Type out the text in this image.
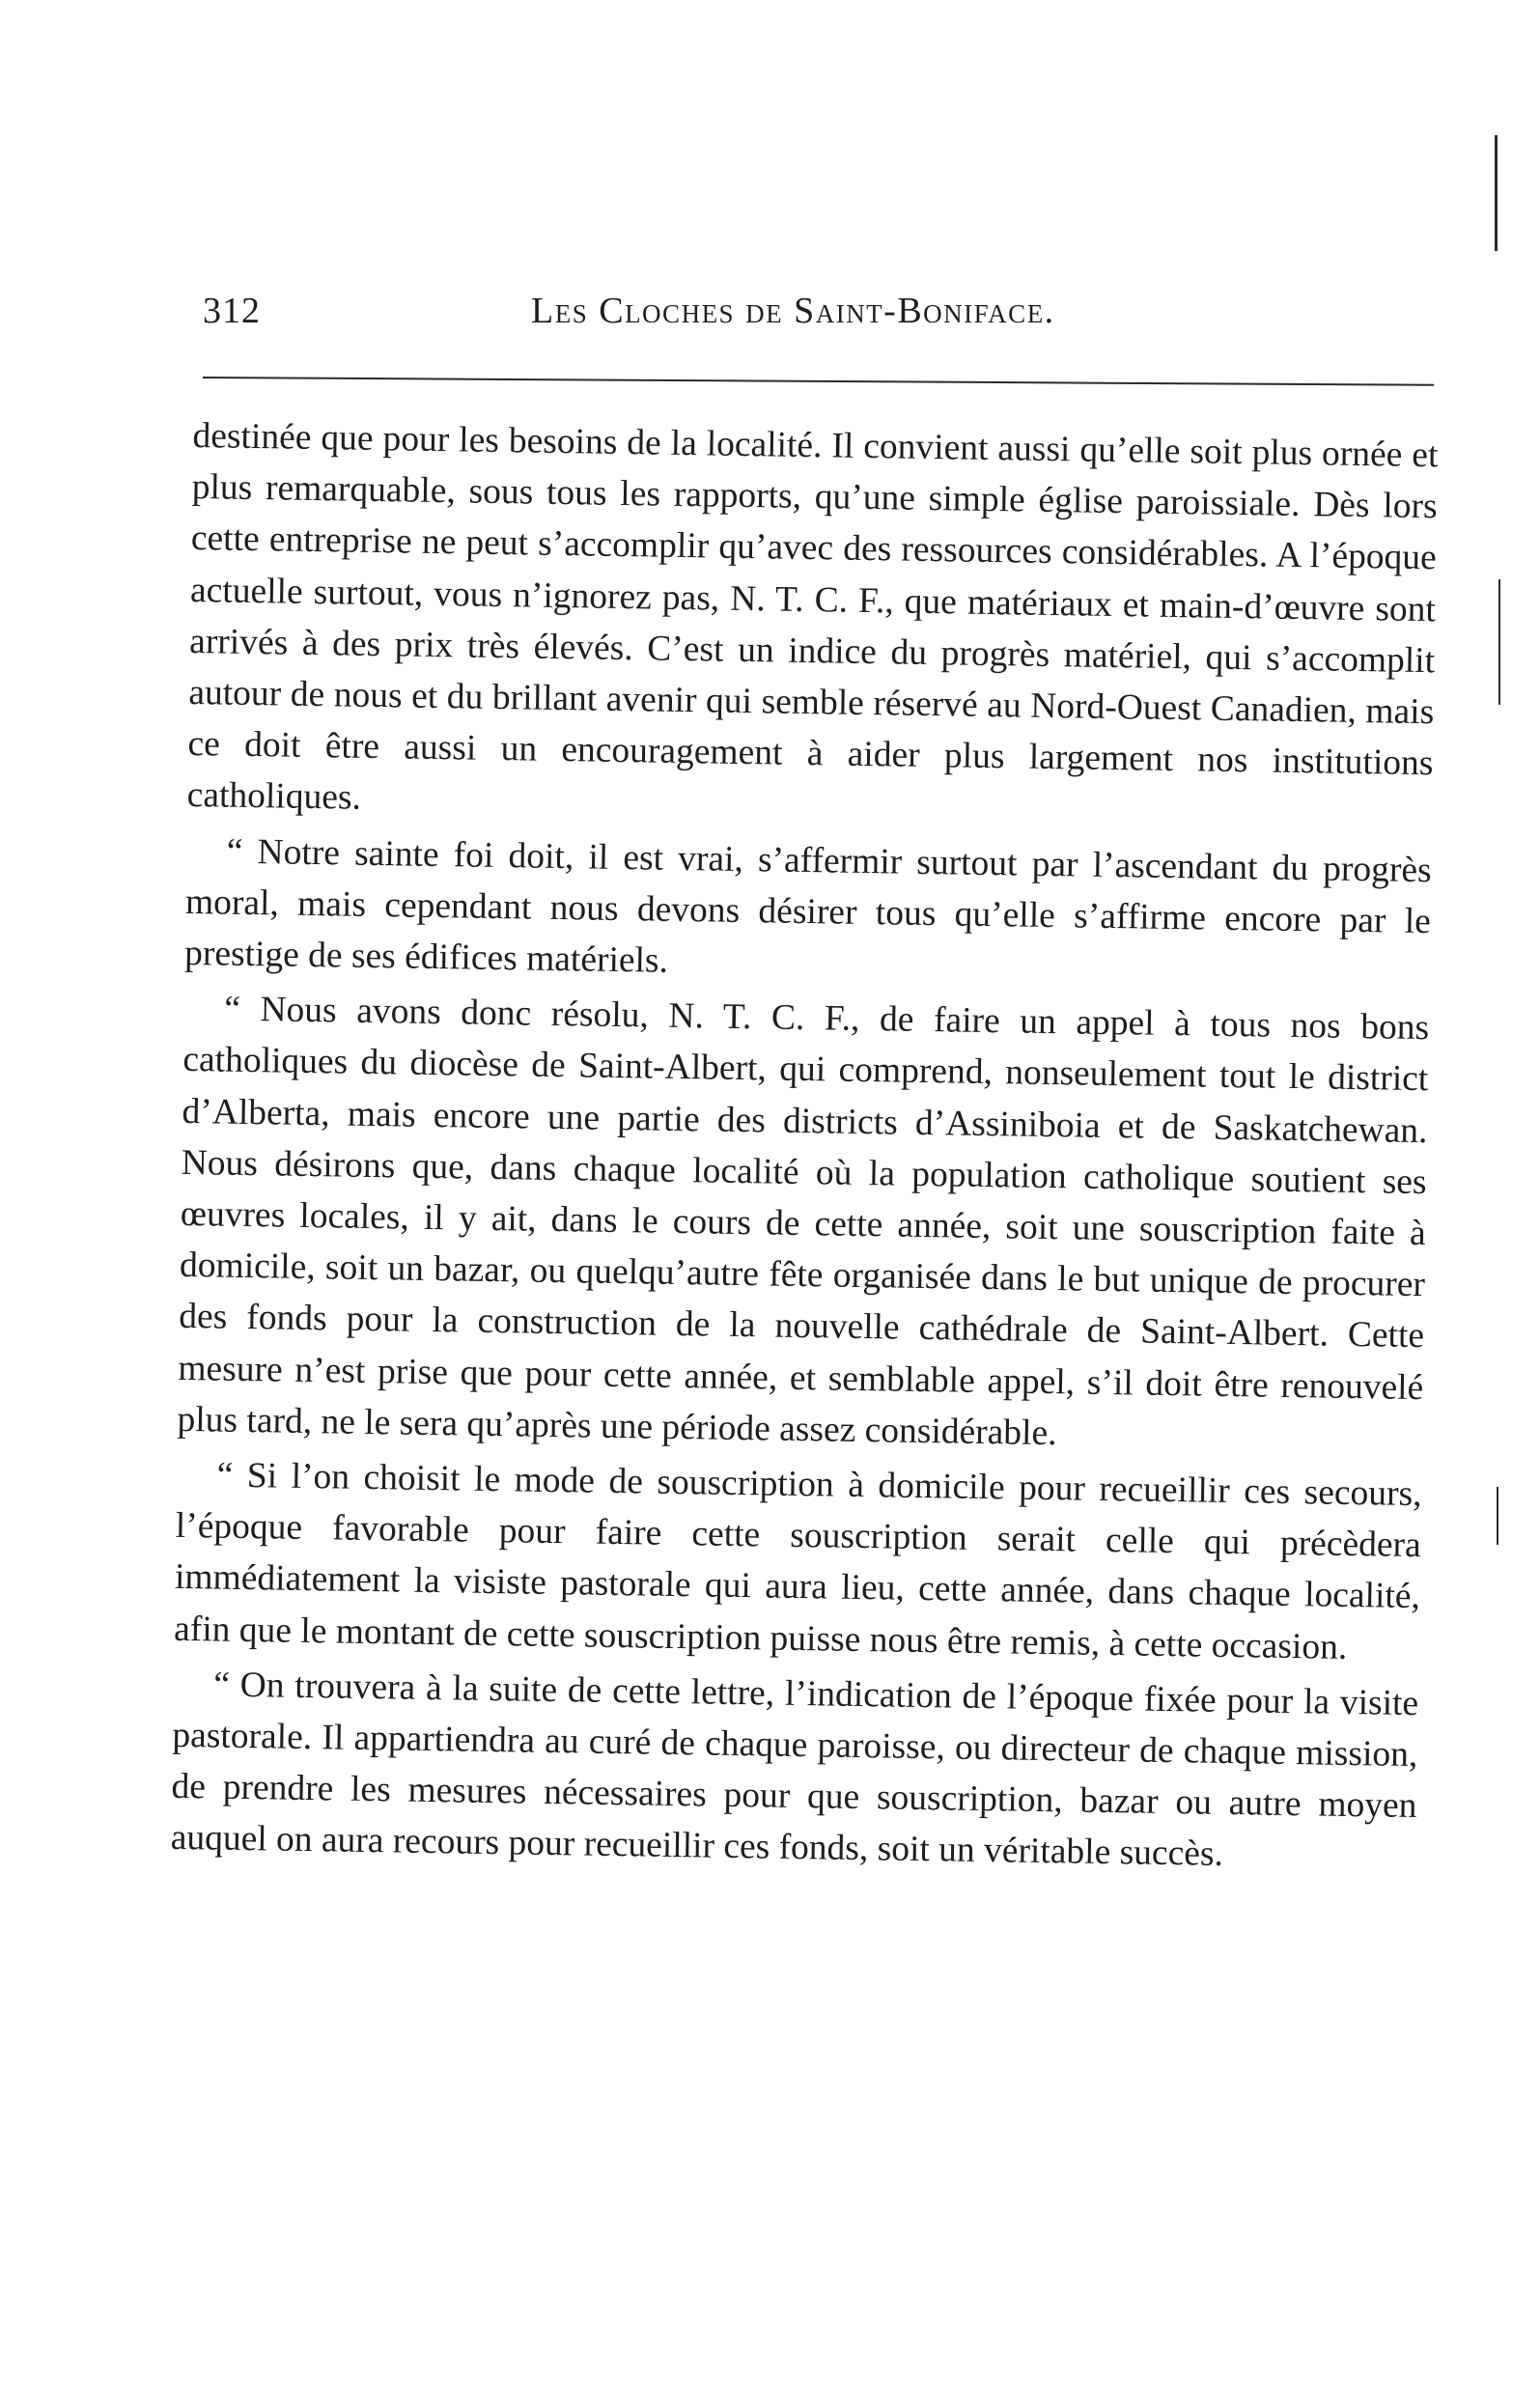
312	Les Cloches de Saint-Boniface.

destinée que pour les besoins de la localité. Il convient aussi qu’elle soit plus ornée et plus remarquable, sous tous les rapports, qu’une simple église paroissiale. Dès lors cette entreprise ne peut s’accomplir qu’avec des ressources considérables. A l’époque actuelle surtout, vous n’ignorez pas, N. T. C. F., que matériaux et main-d’œuvre sont arrivés à des prix très élevés. C’est un indice du progrès matériel, qui s’accomplit autour de nous et du brillant avenir qui semble réservé au Nord-Ouest Canadien, mais ce doit être aussi un encouragement à aider plus largement nos institutions catholiques.

“ Notre sainte foi doit, il est vrai, s’affermir surtout par l’ascendant du progrès moral, mais cependant nous devons désirer tous qu’elle s’affirme encore par le prestige de ses édifices matériels.

“ Nous avons donc résolu, N. T. C. F., de faire un appel à tous nos bons catholiques du diocèse de Saint-Albert, qui comprend, nonseulement tout le district d’Alberta, mais encore une partie des districts d’Assiniboia et de Saskatchewan. Nous désirons que, dans chaque localité où la population catholique soutient ses œuvres locales, il y ait, dans le cours de cette année, soit une souscription faite à domicile, soit un bazar, ou quelqu’autre fête organisée dans le but unique de procurer des fonds pour la construction de la nouvelle cathédrale de Saint-Albert. Cette mesure n’est prise que pour cette année, et semblable appel, s’il doit être renouvelé plus tard, ne le sera qu’après une période assez considérable.

“ Si l’on choisit le mode de souscription à domicile pour recueillir ces secours, l’époque favorable pour faire cette souscription serait celle qui précèdera immédiatement la visiste pastorale qui aura lieu, cette année, dans chaque localité, afin que le montant de cette souscription puisse nous être remis, à cette occasion.

“ On trouvera à la suite de cette lettre, l’indication de l’époque fixée pour la visite pastorale. Il appartiendra au curé de chaque paroisse, ou directeur de chaque mission, de prendre les mesures nécessaires pour que souscription, bazar ou autre moyen auquel on aura recours pour recueillir ces fonds, soit un véritable succès.
